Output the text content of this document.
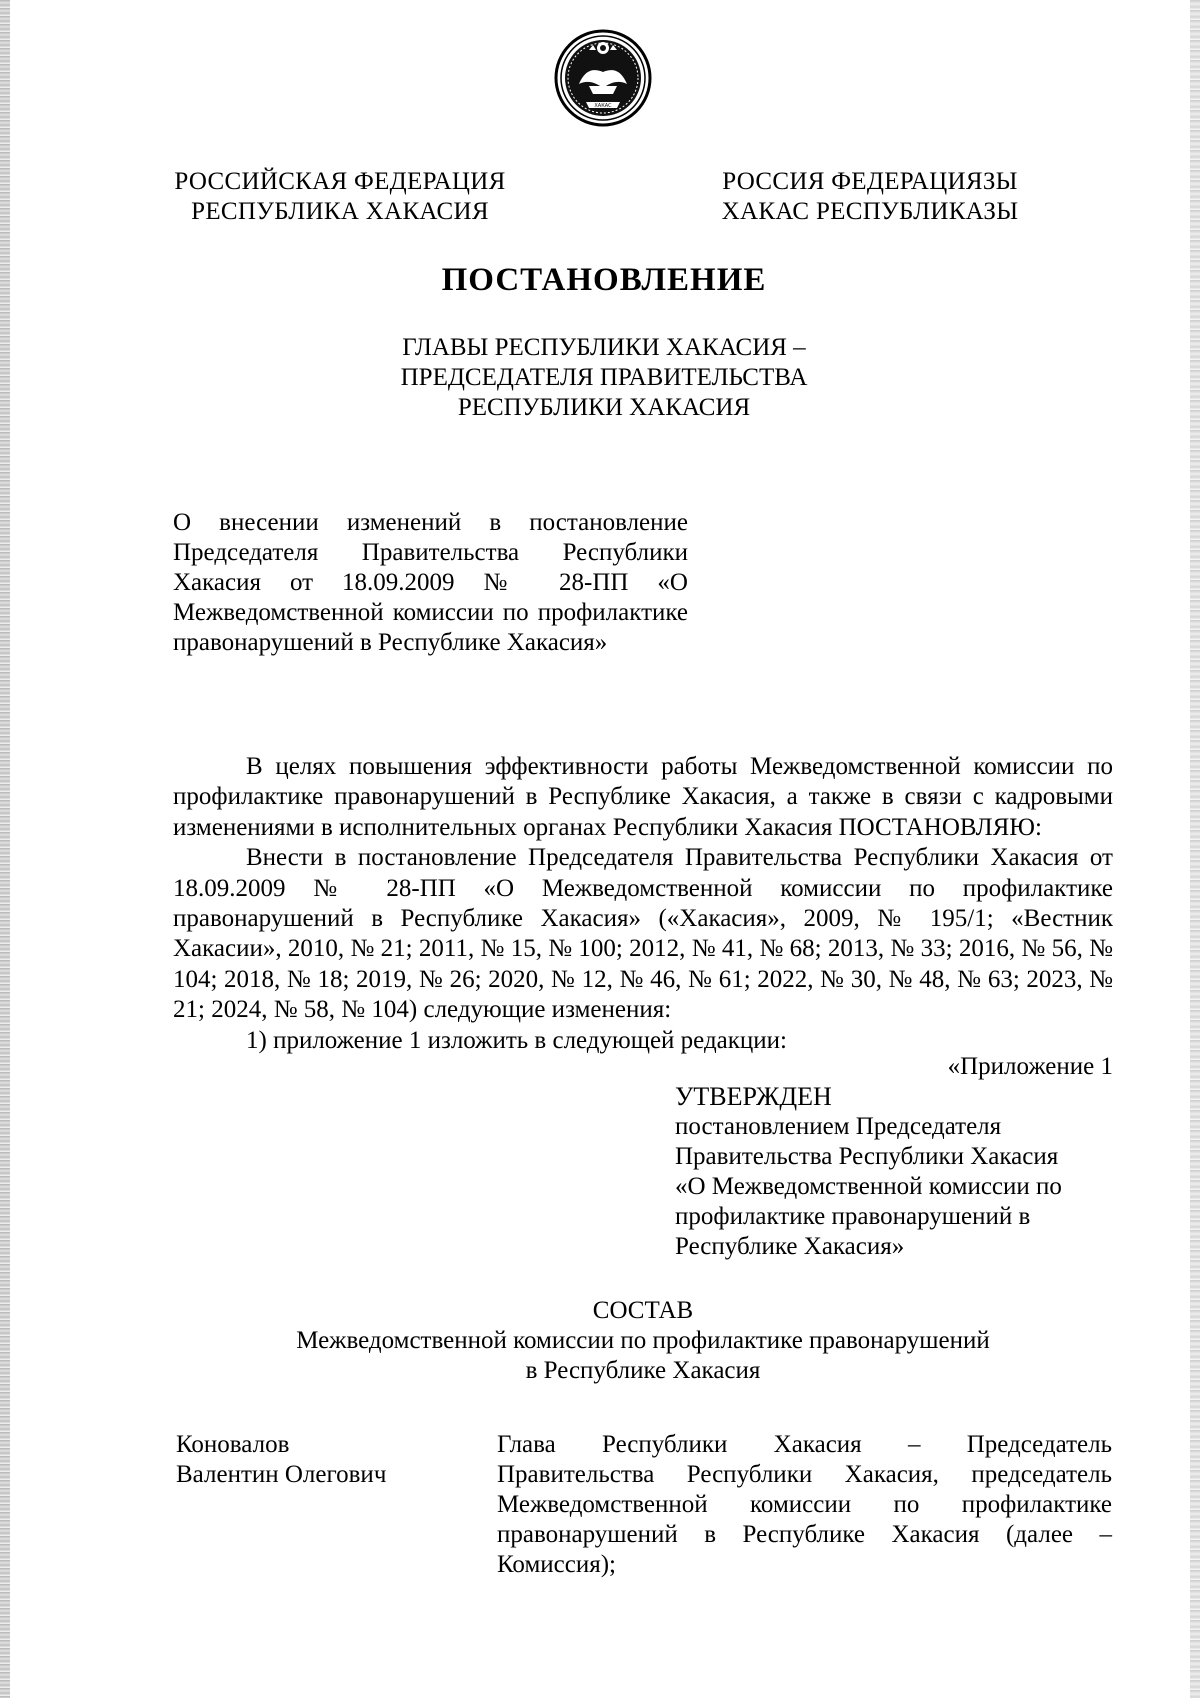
ХАКАС
РОССИЙСКАЯ ФЕДЕРАЦИЯ
РЕСПУБЛИКА ХАКАСИЯ
РОССИЯ ФЕДЕРАЦИЯЗЫ
ХАКАС РЕСПУБЛИКАЗЫ
ПОСТАНОВЛЕНИЕ
ГЛАВЫ РЕСПУБЛИКИ ХАКАСИЯ –
ПРЕДСЕДАТЕЛЯ ПРАВИТЕЛЬСТВА
РЕСПУБЛИКИ ХАКАСИЯ
О внесении изменений в постановление Председателя Правительства Республики Хакасия от 18.09.2009 № 28-ПП «О Межведомственной комиссии по профилактике правонарушений в Республике Хакасия»

В целях повышения эффективности работы Межведомственной комиссии по профилактике правонарушений в Республике Хакасия, а также в связи с кадровыми изменениями в исполнительных органах Республики Хакасия ПОСТАНОВЛЯЮ:

Внести в постановление Председателя Правительства Республики Хакасия от 18.09.2009 № 28-ПП «О Межведомственной комиссии по профилактике правонарушений в Республике Хакасия» («Хакасия», 2009, № 195/1; «Вестник Хакасии», 2010, № 21; 2011, № 15, № 100; 2012, № 41, № 68; 2013, № 33; 2016, № 56, № 104; 2018, № 18; 2019, № 26; 2020, № 12, № 46, № 61; 2022, № 30, № 48, № 63; 2023, № 21; 2024, № 58, № 104) следующие изменения:

1) приложение 1 изложить в следующей редакции:

«Приложение 1
УТВЕРЖДЕН
постановлением Председателя
Правительства Республики Хакасия
«О Межведомственной комиссии по
профилактике правонарушений в
Республике Хакасия»
СОСТАВ
Межведомственной комиссии по профилактике правонарушений
в Республике Хакасия
Коновалов
Валентин Олегович
Глава Республики Хакасия – Председатель Правительства Республики Хакасия, председатель Межведомственной комиссии по профилактике правонарушений в Республике Хакасия (далее – Комиссия);
